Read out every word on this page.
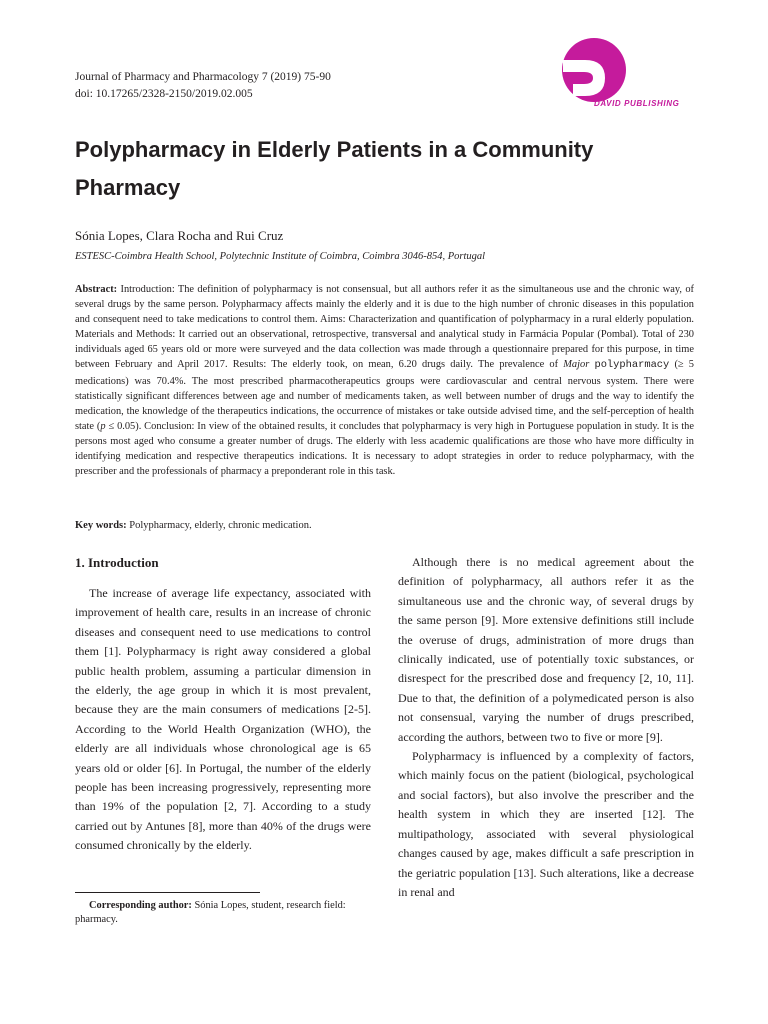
Journal of Pharmacy and Pharmacology 7 (2019) 75-90
doi: 10.17265/2328-2150/2019.02.005
DAVID PUBLISHING
Polypharmacy in Elderly Patients in a Community Pharmacy
Sónia Lopes, Clara Rocha and Rui Cruz
ESTESC-Coimbra Health School, Polytechnic Institute of Coimbra, Coimbra 3046-854, Portugal

Abstract: Introduction: The definition of polypharmacy is not consensual, but all authors refer it as the simultaneous use and the chronic way, of several drugs by the same person. Polypharmacy affects mainly the elderly and it is due to the high number of chronic diseases in this population and consequent need to take medications to control them. Aims: Characterization and quantification of polypharmacy in a rural elderly population. Materials and Methods: It carried out an observational, retrospective, transversal and analytical study in Farmácia Popular (Pombal). Total of 230 individuals aged 65 years old or more were surveyed and the data collection was made through a questionnaire prepared for this purpose, in time between February and April 2017. Results: The elderly took, on mean, 6.20 drugs daily. The prevalence of Major polypharmacy (≥ 5 medications) was 70.4%. The most prescribed pharmacotherapeutics groups were cardiovascular and central nervous system. There were statistically significant differences between age and number of medicaments taken, as well between number of drugs and the way to identify the medication, the knowledge of the therapeutics indications, the occurrence of mistakes or take outside advised time, and the self-perception of health state (p ≤ 0.05). Conclusion: In view of the obtained results, it concludes that polypharmacy is very high in Portuguese population in study. It is the persons most aged who consume a greater number of drugs. The elderly with less academic qualifications are those who have more difficulty in identifying medication and respective therapeutics indications. It is necessary to adopt strategies in order to reduce polypharmacy, with the prescriber and the professionals of pharmacy a preponderant role in this task.

Key words: Polypharmacy, elderly, chronic medication.
1. Introduction

The increase of average life expectancy, associated with improvement of health care, results in an increase of chronic diseases and consequent need to use medications to control them [1]. Polypharmacy is right away considered a global public health problem, assuming a particular dimension in the elderly, the age group in which it is most prevalent, because they are the main consumers of medications [2-5]. According to the World Health Organization (WHO), the elderly are all individuals whose chronological age is 65 years old or older [6]. In Portugal, the number of the elderly people has been increasing progressively, representing more than 19% of the population [2, 7]. According to a study carried out by Antunes [8], more than 40% of the drugs were consumed chronically by the elderly.

Although there is no medical agreement about the definition of polypharmacy, all authors refer it as the simultaneous use and the chronic way, of several drugs by the same person [9]. More extensive definitions still include the overuse of drugs, administration of more drugs than clinically indicated, use of potentially toxic substances, or disrespect for the prescribed dose and frequency [2, 10, 11]. Due to that, the definition of a polymedicated person is also not consensual, varying the number of drugs prescribed, according the authors, between two to five or more [9].

Polypharmacy is influenced by a complexity of factors, which mainly focus on the patient (biological, psychological and social factors), but also involve the prescriber and the health system in which they are inserted [12]. The multipathology, associated with several physiological changes caused by age, makes difficult a safe prescription in the geriatric population [13]. Such alterations, like a decrease in renal and

Corresponding author: Sónia Lopes, student, research field: pharmacy.
